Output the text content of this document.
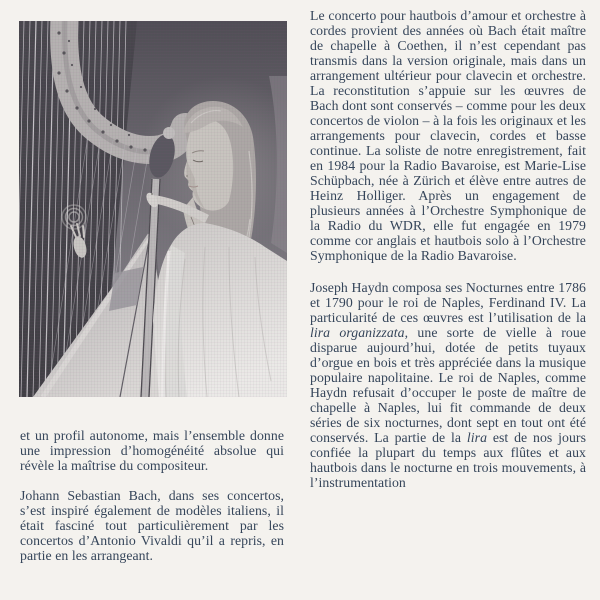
et un profil autonome, mais l’ensemble donne une impression d’homogénéité absolue qui révèle la maîtrise du compositeur.

Johann Sebastian Bach, dans ses concertos, s’est inspiré également de modèles italiens, il était fasciné tout particulièrement par les concertos d’Antonio Vivaldi qu’il a repris, en partie en les arrangeant.

Le concerto pour hautbois d’amour et orchestre à cordes provient des années où Bach était maître de chapelle à Coethen, il n’est cependant pas transmis dans la version originale, mais dans un arrangement ultérieur pour clavecin et orchestre. La reconstitution s’appuie sur les œuvres de Bach dont sont conservés – comme pour les deux concertos de violon – à la fois les originaux et les arrangements pour clavecin, cordes et basse continue. La soliste de notre enregistrement, fait en 1984 pour la Radio Bavaroise, est Marie-Lise Schüpbach, née à Zürich et élève entre autres de Heinz Holliger. Après un engagement de plusieurs années à l’Orchestre Symphonique de la Radio du WDR, elle fut engagée en 1979 comme cor anglais et hautbois solo à l’Orchestre Symphonique de la Radio Bavaroise.

Joseph Haydn composa ses Nocturnes entre 1786 et 1790 pour le roi de Naples, Ferdinand IV. La particularité de ces œuvres est l’utilisation de la lira organizzata, une sorte de vielle à roue disparue aujourd’hui, dotée de petits tuyaux d’orgue en bois et très appréciée dans la musique populaire napolitaine. Le roi de Naples, comme Haydn refusait d’occuper le poste de maître de chapelle à Naples, lui fit commande de deux séries de six nocturnes, dont sept en tout ont été conservés. La partie de la lira est de nos jours confiée la plupart du temps aux flûtes et aux hautbois dans le nocturne en trois mouvements, à l’instrumentation
